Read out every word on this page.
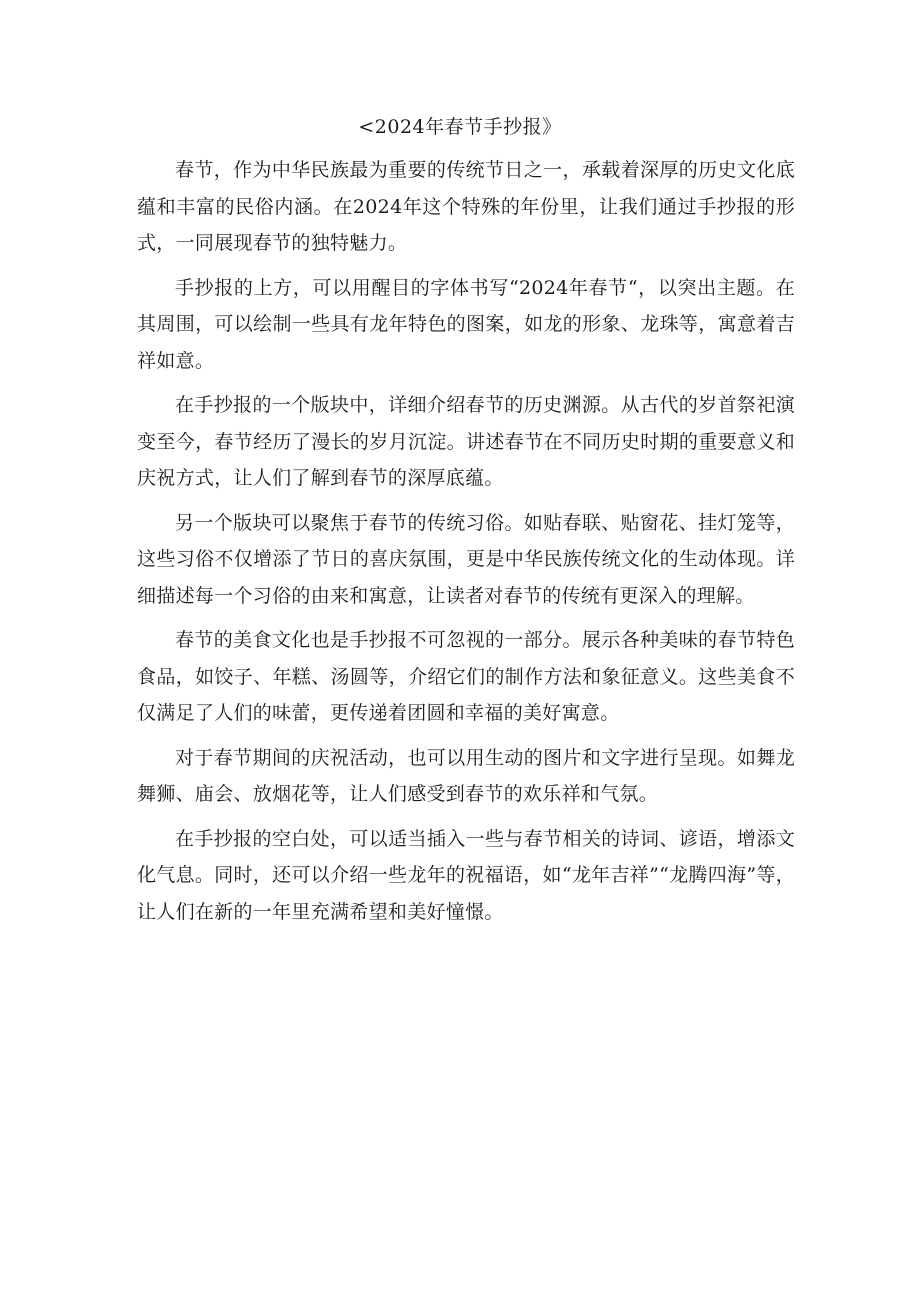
<2024年春节手抄报》

春节，作为中华民族最为重要的传统节日之一，承载着深厚的历史文化底蕴和丰富的民俗内涵。在2024年这个特殊的年份里，让我们通过手抄报的形式，一同展现春节的独特魅力。

手抄报的上方，可以用醒目的字体书写“2024年春节“，以突出主题。在其周围，可以绘制一些具有龙年特色的图案，如龙的形象、龙珠等，寓意着吉祥如意。

在手抄报的一个版块中，详细介绍春节的历史渊源。从古代的岁首祭祀演变至今，春节经历了漫长的岁月沉淀。讲述春节在不同历史时期的重要意义和庆祝方式，让人们了解到春节的深厚底蕴。

另一个版块可以聚焦于春节的传统习俗。如贴春联、贴窗花、挂灯笼等，这些习俗不仅增添了节日的喜庆氛围，更是中华民族传统文化的生动体现。详细描述每一个习俗的由来和寓意，让读者对春节的传统有更深入的理解。

春节的美食文化也是手抄报不可忽视的一部分。展示各种美味的春节特色食品，如饺子、年糕、汤圆等，介绍它们的制作方法和象征意义。这些美食不仅满足了人们的味蕾，更传递着团圆和幸福的美好寓意。

对于春节期间的庆祝活动，也可以用生动的图片和文字进行呈现。如舞龙舞狮、庙会、放烟花等，让人们感受到春节的欢乐祥和气氛。

在手抄报的空白处，可以适当插入一些与春节相关的诗词、谚语，增添文化气息。同时，还可以介绍一些龙年的祝福语，如“龙年吉祥”“龙腾四海”等，让人们在新的一年里充满希望和美好憧憬。
